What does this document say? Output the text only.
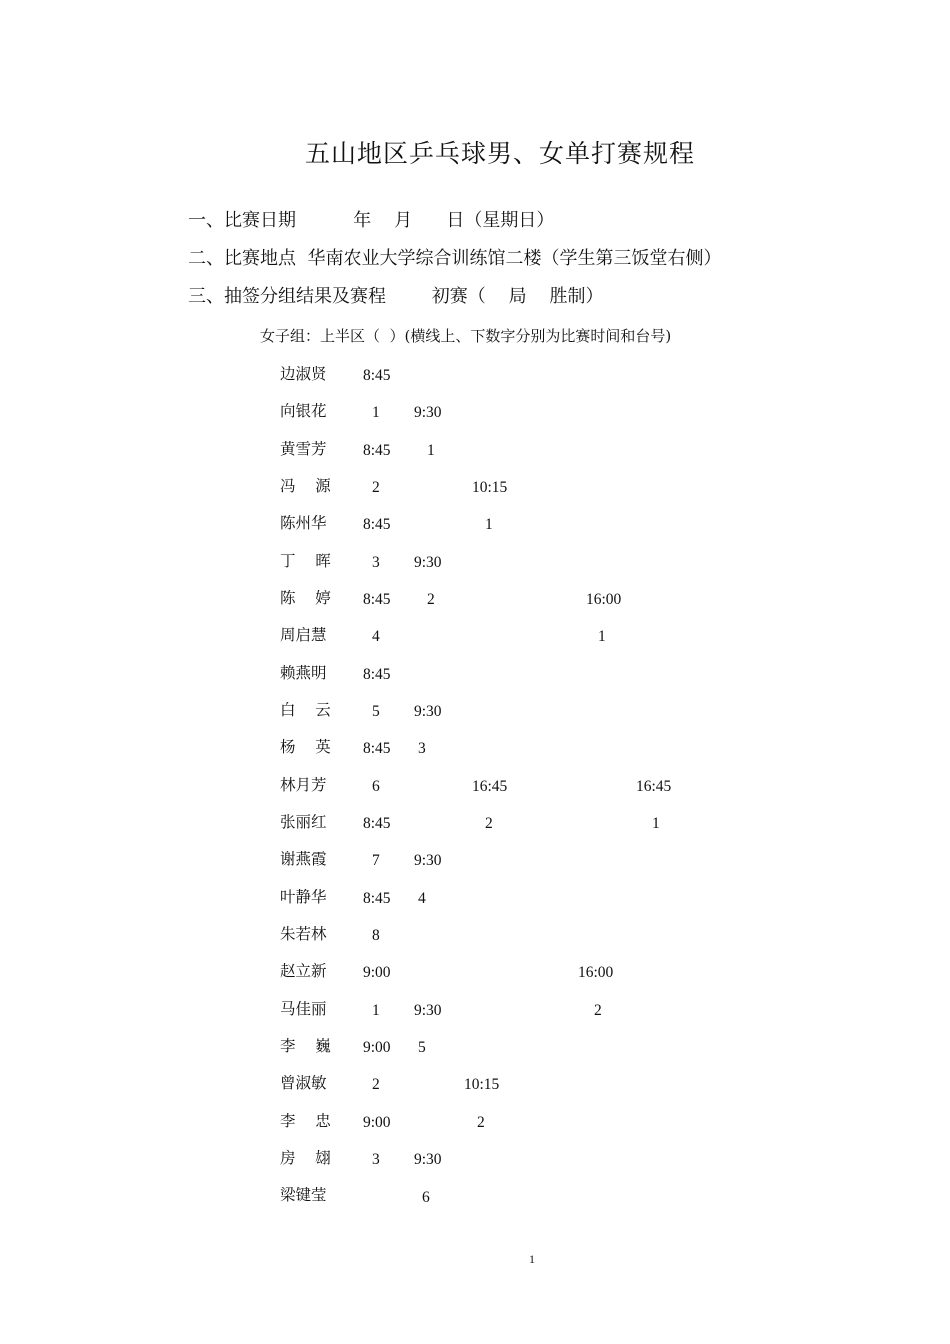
五山地区乒乓球男、女单打赛规程
一、比赛日期          年    月      日（星期日）
二、比赛地点  华南农业大学综合训练馆二楼（学生第三饭堂右侧）
三、抽签分组结果及赛程        初赛（    局    胜制）
女子组：上半区（  ）(横线上、下数字分别为比赛时间和台号)
边淑贤
向银花
黄雪芳
冯    源
陈州华
丁    晖
陈    婷
周启慧
赖燕明
白    云
杨    英
林月芳
张丽红
谢燕霞
叶静华
朱若林
赵立新
马佳丽
李    巍
曾淑敏
李    忠
房    翃
梁键莹
8:45
1
8:45
2
8:45
3
8:45
4
8:45
5
8:45
6
8:45
7
8:45
8
9:00
1
9:00
2
9:00
3
9:30
1
9:30
2
9:30
3
9:30
4
9:30
5
9:30
6
10:15
1
16:45
2
10:15
2
16:00
1
16:00
2
16:45
1
1
